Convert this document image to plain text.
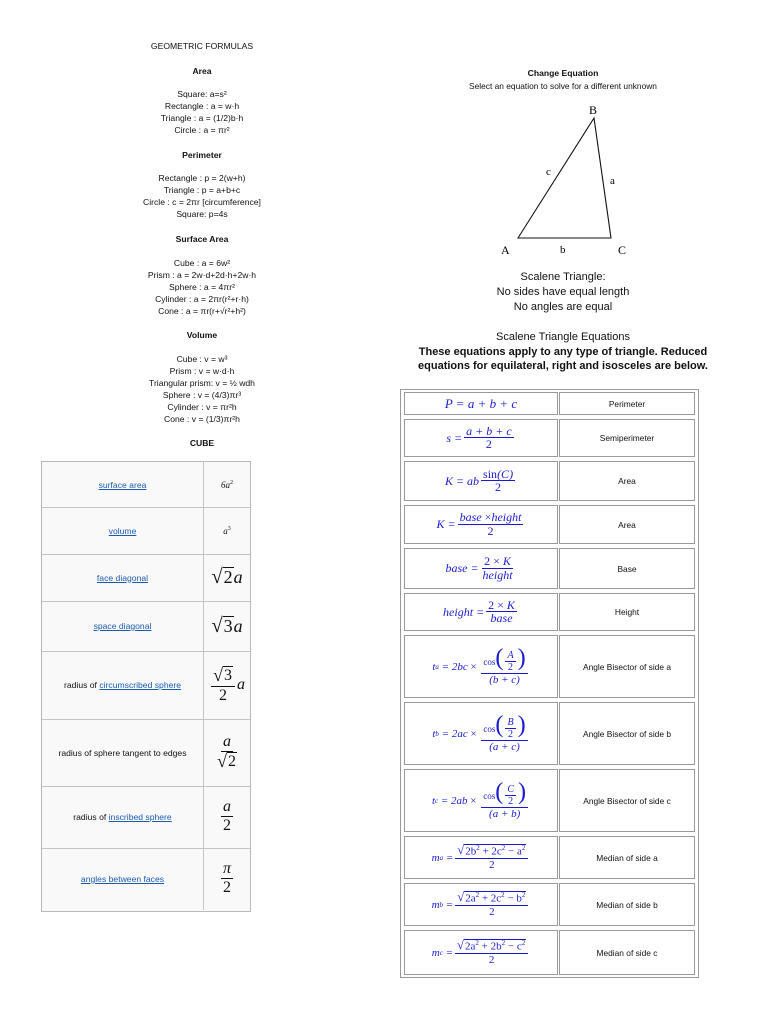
GEOMETRIC FORMULAS
Area
Square: a=s²
Rectangle : a = w·h
Triangle : a = (1/2)b·h
Circle : a = πr²
Perimeter
Rectangle : p = 2(w+h)
Triangle : p = a+b+c
Circle : c = 2πr [circumference]
Square: p=4s
Surface Area
Cube : a = 6w²
Prism : a = 2w·d+2d·h+2w·h
Sphere : a = 4πr²
Cylinder : a = 2πr(r²+r·h)
Cone : a = πr(r+√r²+h²)
Volume
Cube : v = w³
Prism : v = w·d·h
Triangular prism: v = ½ wdh
Sphere : v = (4/3)πr³
Cylinder : v = πr²h
Cone : v = (1/3)πr²h
CUBE
surface area	$6a^2$
volume	$a^3$
face diagonal	√ 2 a
space diagonal	√ 3 a
radius of circumscribed sphere $\frac{√ 3}{2}$ a
radius of sphere tangent to edges	$\frac{a}{√ 2}$
radius of inscribed sphere	$\frac{a}{2}$
angles between faces	$\frac{\pi}{2}$
Change Equation
Select an equation to solve for a different unknown
B
A	C
a
b
c
Scalene Triangle:
No sides have equal length
No angles are equal
Scalene Triangle Equations
These equations apply to any type of triangle. Reduced
equations for equilateral, right and isosceles are below.
P = a + b + c	Perimeter
$s = \frac{a + b + c}{2}$	Semiperimeter
K = ab $\frac{\sin(C)}{2}$	Area
$K = \frac{\text{base ×height}}{2}$	Area
base = $\frac{2 \times K}{\text{height}}$	Base
height = $\frac{2 \times K}{\text{base}}$	Height
t $a = 2bc \times \frac{\cos( \frac{A}{2} )}{(b + c)}$	Angle Bisector of side a
t $b = 2ac \times \frac{\cos( \frac{B}{2} )}{(a + c)}$	Angle Bisector of side b
t $c = 2ab \times \frac{\cos( \frac{C}{2} )}{(a + b)}$	Angle Bisector of side c
m $a = \frac{√ 2b^2 + 2c^2 - a^2}{2}$	Median of side a
m $b = \frac{√ 2a^2 + 2c^2 - b^2}{2}$	Median of side b
m $c = \frac{√ 2a^2 + 2b^2 - c^2}{2}$	Median of side c
